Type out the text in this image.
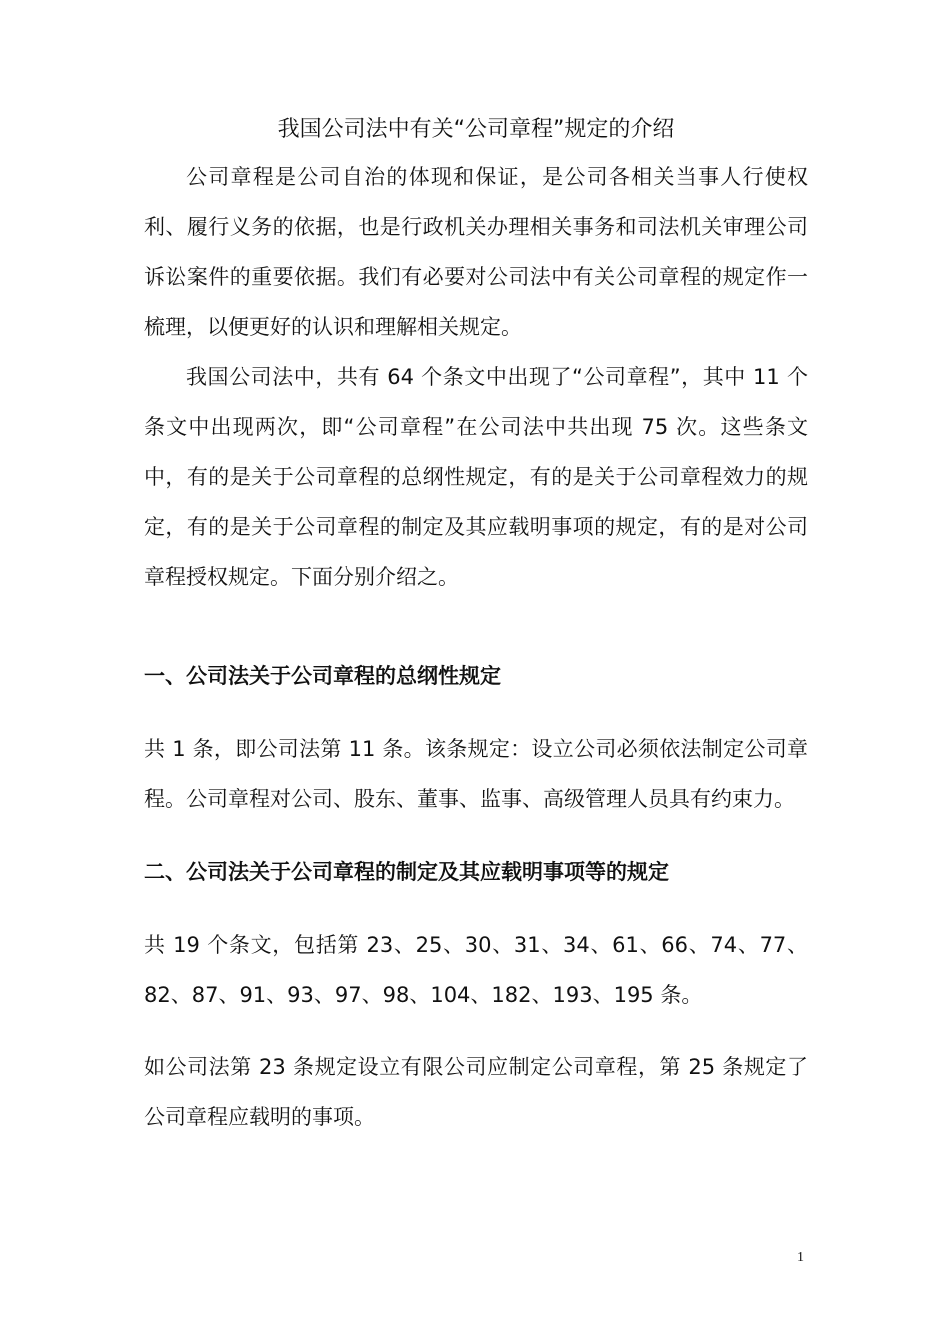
我国公司法中有关“公司章程”规定的介绍

公司章程是公司自治的体现和保证，是公司各相关当事人行使权利、履行义务的依据，也是行政机关办理相关事务和司法机关审理公司诉讼案件的重要依据。我们有必要对公司法中有关公司章程的规定作一梳理，以便更好的认识和理解相关规定。

我国公司法中，共有 64 个条文中出现了“公司章程”，其中 11 个条文中出现两次，即“公司章程”在公司法中共出现 75 次。这些条文中，有的是关于公司章程的总纲性规定，有的是关于公司章程效力的规定，有的是关于公司章程的制定及其应载明事项的规定，有的是对公司章程授权规定。下面分别介绍之。

一、公司法关于公司章程的总纲性规定

共 1 条，即公司法第 11 条。该条规定：设立公司必须依法制定公司章程。公司章程对公司、股东、董事、监事、高级管理人员具有约束力。

二、公司法关于公司章程的制定及其应载明事项等的规定

共 19 个条文，包括第 23、25、30、31、34、61、66、74、77、82、87、91、93、97、98、104、182、193、195 条。

如公司法第 23 条规定设立有限公司应制定公司章程，第 25 条规定了公司章程应载明的事项。

1
